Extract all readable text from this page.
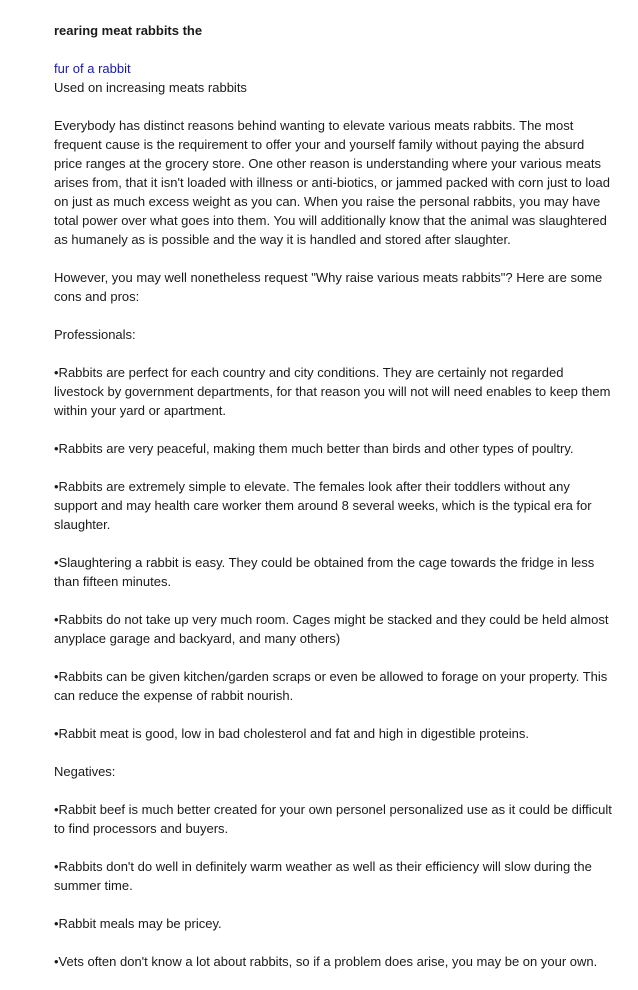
rearing meat rabbits the
fur of a rabbit
Used on increasing meats rabbits

Everybody has distinct reasons behind wanting to elevate various meats rabbits. The most frequent cause is the requirement to offer your and yourself family without paying the absurd price ranges at the grocery store. One other reason is understanding where your various meats arises from, that it isn't loaded with illness or anti-biotics, or jammed packed with corn just to load on just as much excess weight as you can. When you raise the personal rabbits, you may have total power over what goes into them. You will additionally know that the animal was slaughtered as humanely as is possible and the way it is handled and stored after slaughter.

However, you may well nonetheless request "Why raise various meats rabbits"? Here are some cons and pros:

Professionals:

•Rabbits are perfect for each country and city conditions. They are certainly not regarded livestock by government departments, for that reason you will not will need enables to keep them within your yard or apartment.

•Rabbits are very peaceful, making them much better than birds and other types of poultry.

•Rabbits are extremely simple to elevate. The females look after their toddlers without any support and may health care worker them around 8 several weeks, which is the typical era for slaughter.

•Slaughtering a rabbit is easy. They could be obtained from the cage towards the fridge in less than fifteen minutes.

•Rabbits do not take up very much room. Cages might be stacked and they could be held almost anyplace garage and backyard, and many others)

•Rabbits can be given kitchen/garden scraps or even be allowed to forage on your property. This can reduce the expense of rabbit nourish.

•Rabbit meat is good, low in bad cholesterol and fat and high in digestible proteins.

Negatives:

•Rabbit beef is much better created for your own personel personalized use as it could be difficult to find processors and buyers.

•Rabbits don't do well in definitely warm weather as well as their efficiency will slow during the summer time.

•Rabbit meals may be pricey.

•Vets often don't know a lot about rabbits, so if a problem does arise, you may be on your own.
